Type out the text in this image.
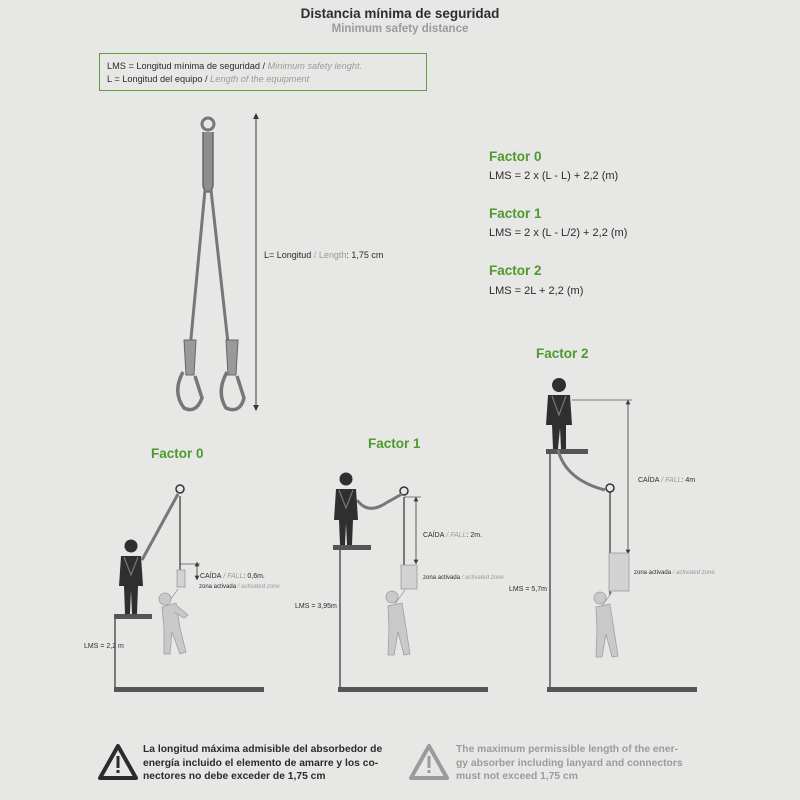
Distancia mínima de seguridad
Minimum safety distance
LMS = Longitud mínima de seguridad / Minimum safety lenght.
L = Longitud del equipo / Length of the equipment
L= Longitud / Length: 1,75 cm
Factor 0
LMS = 2 x (L - L) + 2,2 (m)
Factor 1
LMS = 2 x (L - L/2) + 2,2 (m)
Factor 2
LMS = 2L + 2,2 (m)
Factor 0
Factor 1
Factor 2
CAÍDA / FALL: 0,6m.
zona activada / activated zone
LMS = 2,2 m
CAÍDA / FALL: 2m.
zona activada / activated zone
LMS = 3,95m
CAÍDA / FALL: 4m
zona activada / activated zone
LMS = 5,7m
La longitud máxima admisible del absorbedor de
energía incluido el elemento de amarre y los co-
nectores no debe exceder de 1,75 cm
The maximum permissible length of the ener-
gy absorber including lanyard and connectors
must not exceed 1,75 cm
